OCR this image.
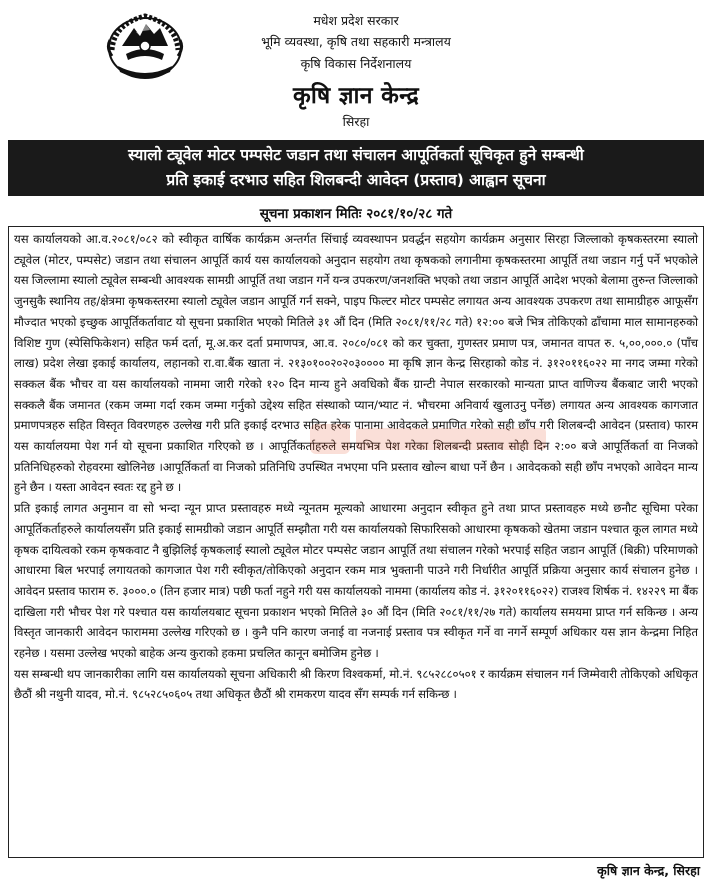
मधेश प्रदेश सरकार
भूमि व्यवस्था, कृषि तथा सहकारी मन्त्रालय
कृषि विकास निर्देशनालय
कृषि ज्ञान केन्द्र
सिरहा
स्यालो ट्यूवेल मोटर पम्पसेट जडान तथा संचालन आपूर्तिकर्ता सूचिकृत हुने सम्बन्धी
प्रति इकाई दरभाउ सहित शिलबन्दी आवेदन (प्रस्ताव) आह्वान सूचना
सूचना प्रकाशन मितिः २०८१/१०/२८ गते

यस कार्यालयको आ.व.२०८१/०८२ को स्वीकृत वार्षिक कार्यक्रम अन्तर्गत सिंचाई व्यवस्थापन प्रवर्द्धन सहयोग कार्यक्रम अनुसार सिरहा जिल्लाको कृषकस्तरमा स्यालो ट्यूवेल (मोटर, पम्पसेट) जडान तथा संचालन आपूर्ति कार्य यस कार्यालयको अनुदान सहयोग तथा कृषकको लगानीमा कृषकस्तरमा आपूर्ति तथा जडान गर्नु पर्ने भएकोले यस जिल्लामा स्यालो ट्यूवेल सम्बन्धी आवश्यक सामग्री आपूर्ति तथा जडान गर्ने यन्त्र उपकरण/जनशक्ति भएको तथा जडान आपूर्ति आदेश भएको बेलामा तुरुन्त जिल्लाको जुनसुकै स्थानिय तह/क्षेत्रमा कृषकस्तरमा स्यालो ट्यूवेल जडान आपूर्ति गर्न सक्ने, पाइप फिल्टर मोटर पम्पसेट लगायत अन्य आवश्यक उपकरण तथा सामाग्रीहरु आफूसँग मौज्दात भएको इच्छुक आपूर्तिकर्तावाट यो सूचना प्रकाशित भएको मितिले ३१ औं दिन (मिति २०८१/११/२८ गते) १२:०० बजे भित्र तोकिएको ढाँचामा माल सामानहरुको विशिष्ट गुण (स्पेसिफिकेशन) सहित फर्म दर्ता, मू.अ.कर दर्ता प्रमाणपत्र, आ.व. २०८०/०८१ को कर चुक्ता, गुणस्तर प्रमाण पत्र, जमानत वापत रु. ५,००,०००.० (पाँच लाख) प्रदेश लेखा इकाई कार्यालय, लहानको रा.वा.बैंक खाता नं. २१३०१००२०२०३०००० मा कृषि ज्ञान केन्द्र सिरहाको कोड नं. ३१२०११६०२२ मा नगद जम्मा गरेको सक्कल बैंक भौचर वा यस कार्यालयको नाममा जारी गरेको १२० दिन मान्य हुने अवधिको बैंक ग्रान्टी नेपाल सरकारको मान्यता प्राप्त वाणिज्य बैंकबाट जारी भएको सक्कलै बैंक जमानत (रकम जम्मा गर्दा रकम जम्मा गर्नुको उद्देश्य सहित संस्थाको प्यान/भ्याट नं. भौचरमा अनिवार्य खुलाउनु पर्नेछ) लगायत अन्य आवश्यक कागजात प्रमाणपत्रहरु सहित विस्तृत विवरणहरु उल्लेख गरी प्रति इकाई दरभाउ सहित हरेक पानामा आवेदकले प्रमाणित गरेको सही छाँप गरी शिलबन्दी आवेदन (प्रस्ताव) फारम यस कार्यालयमा पेश गर्न यो सूचना प्रकाशित गरिएको छ । आपूर्तिकर्ताहरुले समयभित्र पेश गरेका शिलबन्दी प्रस्ताव सोही दिन २:०० बजे आपूर्तिकर्ता वा निजको प्रतिनिधिहरुको रोहवरमा खोलिनेछ ।आपूर्तिकर्ता वा निजको प्रतिनिधि उपस्थित नभएमा पनि प्रस्ताव खोल्न बाधा पर्ने छैन । आवेदकको सही छाँप नभएको आवेदन मान्य हुने छैन । यस्ता आवेदन स्वतः रद्द हुने छ ।

प्रति इकाई लागत अनुमान वा सो भन्दा न्यून प्राप्त प्रस्तावहरु मध्ये न्यूनतम मूल्यको आधारमा अनुदान स्वीकृत हुने तथा प्राप्त प्रस्तावहरु मध्ये छनौट सूचिमा परेका आपूर्तिकर्ताहरुले कार्यालयसँग प्रति इकाई सामग्रीको जडान आपूर्ति सम्झौता गरी यस कार्यालयको सिफारिसको आधारमा कृषकको खेतमा जडान पश्चात कूल लागत मध्ये कृषक दायित्वको रकम कृषकवाट नै बुझिलिई कृषकलाई स्यालो ट्यूवेल मोटर पम्पसेट जडान आपूर्ति तथा संचालन गरेको भरपाई सहित जडान आपूर्ति (बिक्री) परिमाणको आधारमा बिल भरपाई लगायतको कागजात पेश गरी स्वीकृत/तोकिएको अनुदान रकम मात्र भुक्तानी पाउने गरी निर्धारीत आपूर्ति प्रक्रिया अनुसार कार्य संचालन हुनेछ । आवेदन प्रस्ताव फाराम रु. ३०००.० (तिन हजार मात्र) पछी फर्ता नहुने गरी यस कार्यालयको नाममा (कार्यालय कोड नं. ३१२०११६०२२) राजश्व शिर्षक नं. १४२२९ मा बैंक दाखिला गरी भौचर पेश गरे पश्चात यस कार्यालयबाट सूचना प्रकाशन भएको मितिले ३० औं दिन (मिति २०८१/११/२७ गते) कार्यालय समयमा प्राप्त गर्न सकिन्छ । अन्य विस्तृत जानकारी आवेदन फाराममा उल्लेख गरिएको छ । कुनै पनि कारण जनाई वा नजनाई प्रस्ताव पत्र स्वीकृत गर्ने वा नगर्ने सम्पूर्ण अधिकार यस ज्ञान केन्द्रमा निहित रहनेछ । यसमा उल्लेख भएको बाहेक अन्य कुराको हकमा प्रचलित कानून बमोजिम हुनेछ ।

यस सम्बन्धी थप जानकारीका लागि यस कार्यालयको सूचना अधिकारी श्री किरण विश्वकर्मा, मो.नं. ९८५२८८०५०१ र कार्यक्रम संचालन गर्न जिम्मेवारी तोकिएको अधिकृत छैठौं श्री नथुनी यादव, मो.नं. ९८५२८५०६०५ तथा अधिकृत छैठौं श्री रामकरण यादव सँग सम्पर्क गर्न सकिन्छ ।

कृषि ज्ञान केन्द्र, सिरहा
